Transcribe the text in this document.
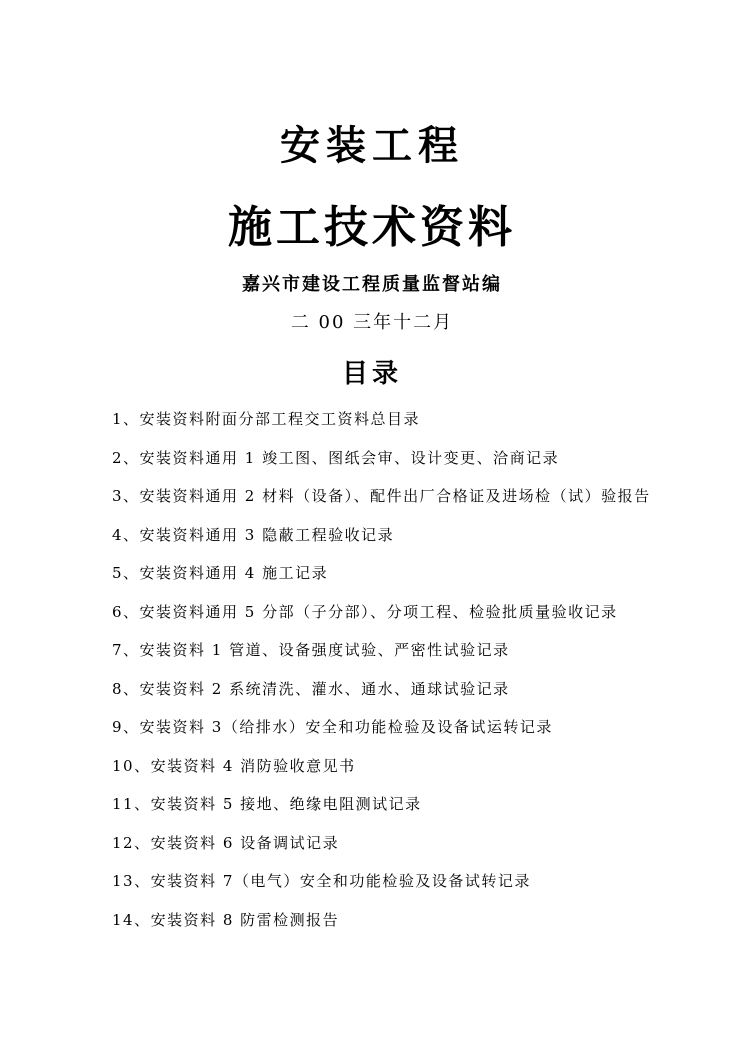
安装工程
施工技术资料
嘉兴市建设工程质量监督站编
二 00 三年十二月
目录
1、安装资料附面分部工程交工资料总目录
2、安装资料通用 1 竣工图、图纸会审、设计变更、洽商记录
3、安装资料通用 2 材料（设备）、配件出厂合格证及进场检（试）验报告
4、安装资料通用 3 隐蔽工程验收记录
5、安装资料通用 4 施工记录
6、安装资料通用 5 分部（子分部）、分项工程、检验批质量验收记录
7、安装资料 1 管道、设备强度试验、严密性试验记录
8、安装资料 2 系统清洗、灌水、通水、通球试验记录
9、安装资料 3（给排水）安全和功能检验及设备试运转记录
10、安装资料 4 消防验收意见书
11、安装资料 5 接地、绝缘电阻测试记录
12、安装资料 6 设备调试记录
13、安装资料 7（电气）安全和功能检验及设备试转记录
14、安装资料 8 防雷检测报告
